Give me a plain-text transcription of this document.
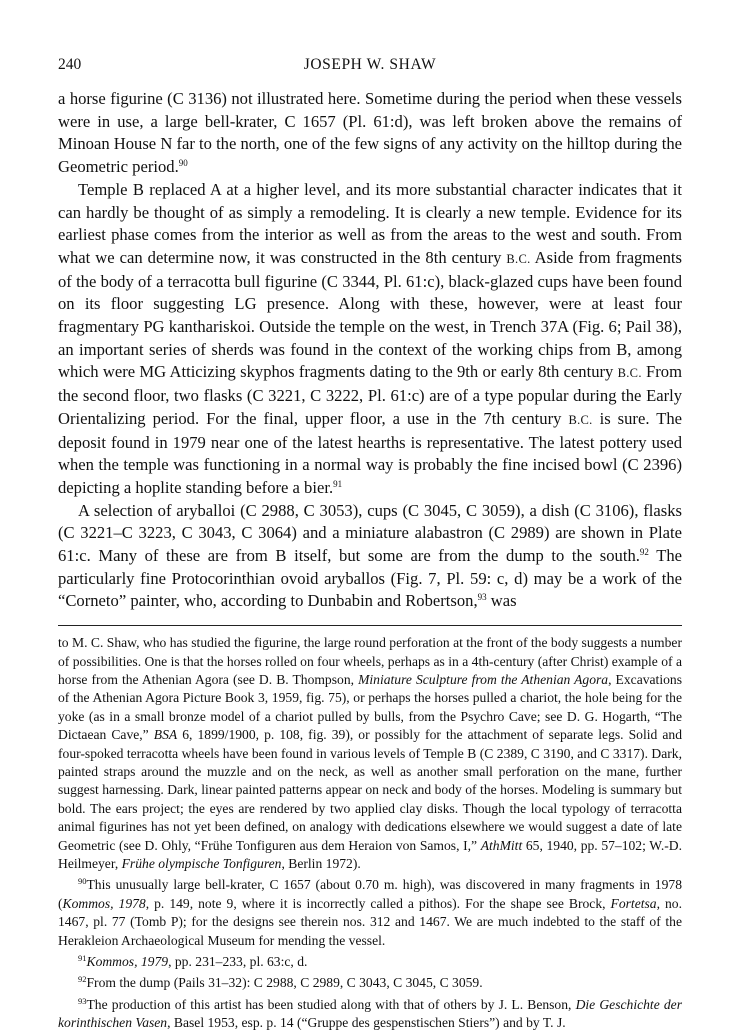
240	JOSEPH W. SHAW

a horse figurine (C 3136) not illustrated here. Sometime during the period when these vessels were in use, a large bell-krater, C 1657 (Pl. 61:d), was left broken above the remains of Minoan House N far to the north, one of the few signs of any activity on the hilltop during the Geometric period.$^{90}$

Temple B replaced A at a higher level, and its more substantial character indicates that it can hardly be thought of as simply a remodeling. It is clearly a new temple. Evidence for its earliest phase comes from the interior as well as from the areas to the west and south. From what we can determine now, it was constructed in the 8th century B.C. Aside from fragments of the body of a terracotta bull figurine (C 3344, Pl. 61:c), black-glazed cups have been found on its floor suggesting LG presence. Along with these, however, were at least four fragmentary PG kanthariskoi. Outside the temple on the west, in Trench 37A (Fig. 6; Pail 38), an important series of sherds was found in the context of the working chips from B, among which were MG Atticizing skyphos fragments dating to the 9th or early 8th century B.C. From the second floor, two flasks (C 3221, C 3222, Pl. 61:c) are of a type popular during the Early Orientalizing period. For the final, upper floor, a use in the 7th century B.C. is sure. The deposit found in 1979 near one of the latest hearths is representative. The latest pottery used when the temple was functioning in a normal way is probably the fine incised bowl (C 2396) depicting a hoplite standing before a bier.$^{91}$

A selection of aryballoi (C 2988, C 3053), cups (C 3045, C 3059), a dish (C 3106), flasks (C 3221–C 3223, C 3043, C 3064) and a miniature alabastron (C 2989) are shown in Plate 61:c. Many of these are from B itself, but some are from the dump to the south.$^{92}$ The particularly fine Protocorinthian ovoid aryballos (Fig. 7, Pl. 59: c, d) may be a work of the “Corneto” painter, who, according to Dunbabin and Robertson,$^{93}$ was

to M. C. Shaw, who has studied the figurine, the large round perforation at the front of the body suggests a number of possibilities. One is that the horses rolled on four wheels, perhaps as in a 4th-century (after Christ) example of a horse from the Athenian Agora (see D. B. Thompson, Miniature Sculpture from the Athenian Agora, Excavations of the Athenian Agora Picture Book 3, 1959, fig. 75), or perhaps the horses pulled a chariot, the hole being for the yoke (as in a small bronze model of a chariot pulled by bulls, from the Psychro Cave; see D. G. Hogarth, “The Dictaean Cave,” BSA 6, 1899/1900, p. 108, fig. 39), or possibly for the attachment of separate legs. Solid and four-spoked terracotta wheels have been found in various levels of Temple B (C 2389, C 3190, and C 3317). Dark, painted straps around the muzzle and on the neck, as well as another small perforation on the mane, further suggest harnessing. Dark, linear painted patterns appear on neck and body of the horses. Modeling is summary but bold. The ears project; the eyes are rendered by two applied clay disks. Though the local typology of terracotta animal figurines has not yet been defined, on analogy with dedications elsewhere we would suggest a date of late Geometric (see D. Ohly, “Frühe Tonfiguren aus dem Heraion von Samos, I,” AthMitt 65, 1940, pp. 57–102; W.-D. Heilmeyer, Frühe olympische Tonfiguren, Berlin 1972).

$^{90}$This unusually large bell-krater, C 1657 (about 0.70 m. high), was discovered in many fragments in 1978 (Kommos, 1978, p. 149, note 9, where it is incorrectly called a pithos). For the shape see Brock, Fortetsa, no. 1467, pl. 77 (Tomb P); for the designs see therein nos. 312 and 1467. We are much indebted to the staff of the Herakleion Archaeological Museum for mending the vessel.

$^{91}$Kommos, 1979, pp. 231–233, pl. 63:c, d.

$^{92}$From the dump (Pails 31–32): C 2988, C 2989, C 3043, C 3045, C 3059.

$^{93}$The production of this artist has been studied along with that of others by J. L. Benson, Die Geschichte der korinthischen Vasen, Basel 1953, esp. p. 14 (“Gruppe des gespenstischen Stiers”) and by T. J.
